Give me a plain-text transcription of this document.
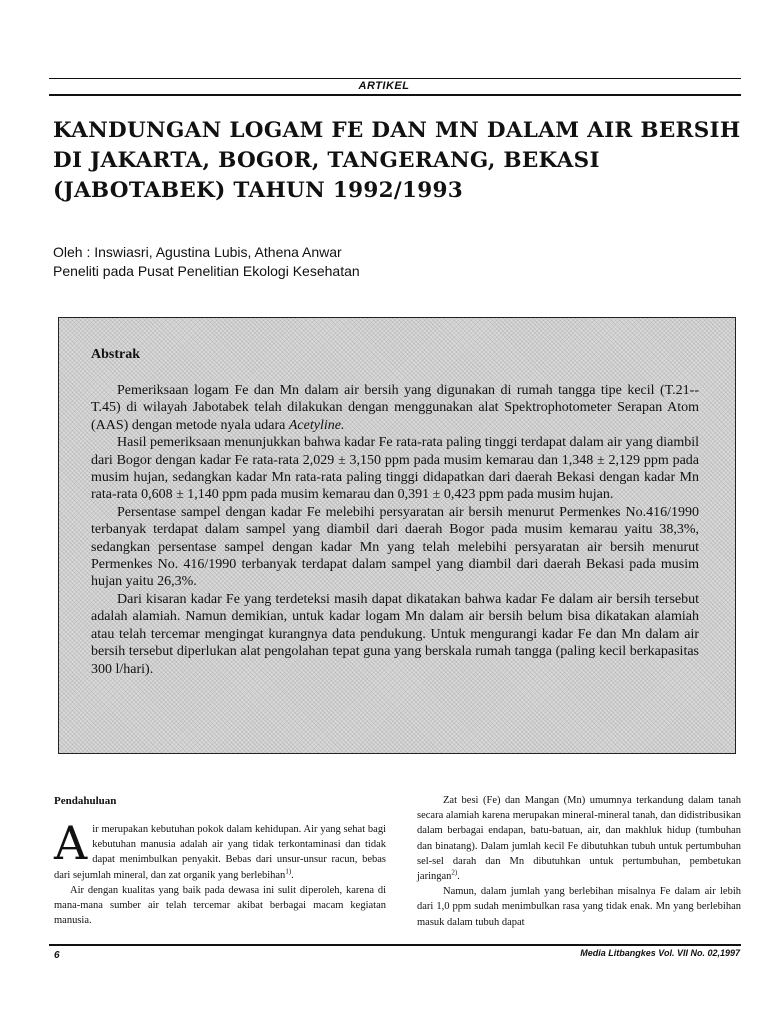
ARTIKEL
KANDUNGAN LOGAM FE DAN MN DALAM AIR BERSIH
DI JAKARTA, BOGOR, TANGERANG, BEKASI
(JABOTABEK) TAHUN 1992/1993
Oleh : Inswiasri, Agustina Lubis, Athena Anwar
Peneliti pada Pusat Penelitian Ekologi Kesehatan
Abstrak

Pemeriksaan logam Fe dan Mn dalam air bersih yang digunakan di rumah tangga tipe kecil (T.21--T.45) di wilayah Jabotabek telah dilakukan dengan menggunakan alat Spektrophotometer Serapan Atom (AAS) dengan metode nyala udara Acetyline.

Hasil pemeriksaan menunjukkan bahwa kadar Fe rata-rata paling tinggi terdapat dalam air yang diambil dari Bogor dengan kadar Fe rata-rata 2,029 ± 3,150 ppm pada musim kemarau dan 1,348 ± 2,129 ppm pada musim hujan, sedangkan kadar Mn rata-rata paling tinggi didapatkan dari daerah Bekasi dengan kadar Mn rata-rata 0,608 ± 1,140 ppm pada musim kemarau dan 0,391 ± 0,423 ppm pada musim hujan.

Persentase sampel dengan kadar Fe melebihi persyaratan air bersih menurut Permenkes No.416/1990 terbanyak terdapat dalam sampel yang diambil dari daerah Bogor pada musim kemarau yaitu 38,3%, sedangkan persentase sampel dengan kadar Mn yang telah melebihi persyaratan air bersih menurut Permenkes No. 416/1990 terbanyak terdapat dalam sampel yang diambil dari daerah Bekasi pada musim hujan yaitu 26,3%.

Dari kisaran kadar Fe yang terdeteksi masih dapat dikatakan bahwa kadar Fe dalam air bersih tersebut adalah alamiah. Namun demikian, untuk kadar logam Mn dalam air bersih belum bisa dikatakan alamiah atau telah tercemar mengingat kurangnya data pendukung. Untuk mengurangi kadar Fe dan Mn dalam air bersih tersebut diperlukan alat pengolahan tepat guna yang berskala rumah tangga (paling kecil berkapasitas 300 l/hari).

Pendahuluan

Air merupakan kebutuhan pokok dalam kehidupan. Air yang sehat bagi kebutuhan manusia adalah air yang tidak terkontaminasi dan tidak dapat menimbulkan penyakit. Bebas dari unsur-unsur racun, bebas dari sejumlah mineral, dan zat organik yang berlebihan$^{1)}$.

Air dengan kualitas yang baik pada dewasa ini sulit diperoleh, karena di mana-mana sumber air telah tercemar akibat berbagai macam kegiatan manusia.

Zat besi (Fe) dan Mangan (Mn) umumnya terkandung dalam tanah secara alamiah karena merupakan mineral-mineral tanah, dan didistribusikan dalam berbagai endapan, batu-batuan, air, dan makhluk hidup (tumbuhan dan binatang). Dalam jumlah kecil Fe dibutuhkan tubuh untuk pertumbuhan sel-sel darah dan Mn dibutuhkan untuk pertumbuhan, pembetukan jaringan$^{2)}$.

Namun, dalam jumlah yang berlebihan misalnya Fe dalam air lebih dari 1,0 ppm sudah menimbulkan rasa yang tidak enak. Mn yang berlebihan masuk dalam tubuh dapat

6	Media Litbangkes Vol. VII No. 02,1997
